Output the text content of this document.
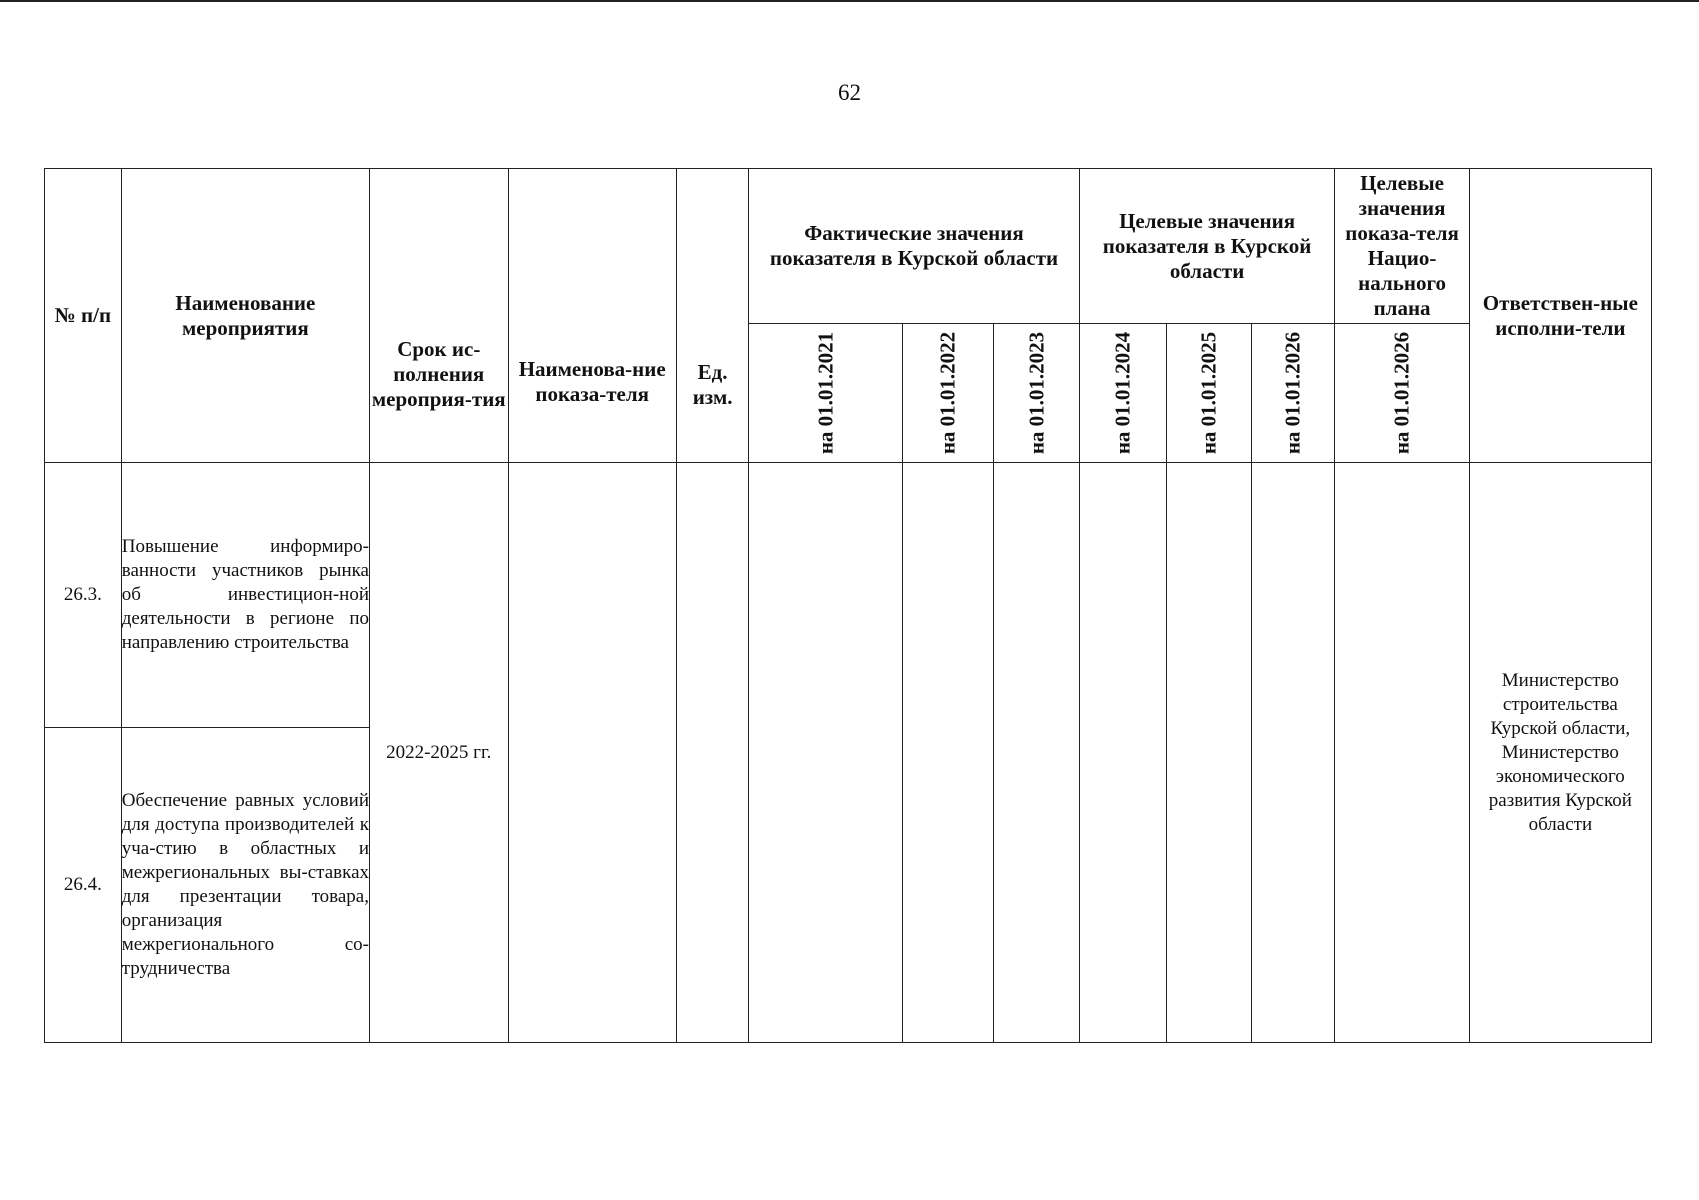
62
№ п/п	Наименование мероприятия	Срок ис-полнения мероприя-тия	Наименова-ние показа-теля	Ед. изм.	Фактические значения показателя в Курской области			Целевые значения показателя в Курской области			Целевые значения показа-теля Нацио-нального плана	Ответствен-ные исполни-тели

					на 01.01.2021	на 01.01.2022	на 01.01.2023	на 01.01.2024	на 01.01.2025	на 01.01.2026	на 01.01.2026	

26.3.	Повышение информиро-ванности участников рынка об инвестицион-ной деятельности в регионе по направлению строительства	2022-2025 гг.										Министерство строительства Курской области, Министерство экономического развития Курской области
26.4.	Обеспечение равных условий для доступа производителей к уча-стию в областных и межрегиональных вы-ставках для презентации товара, организация межрегионального со-трудничества											
